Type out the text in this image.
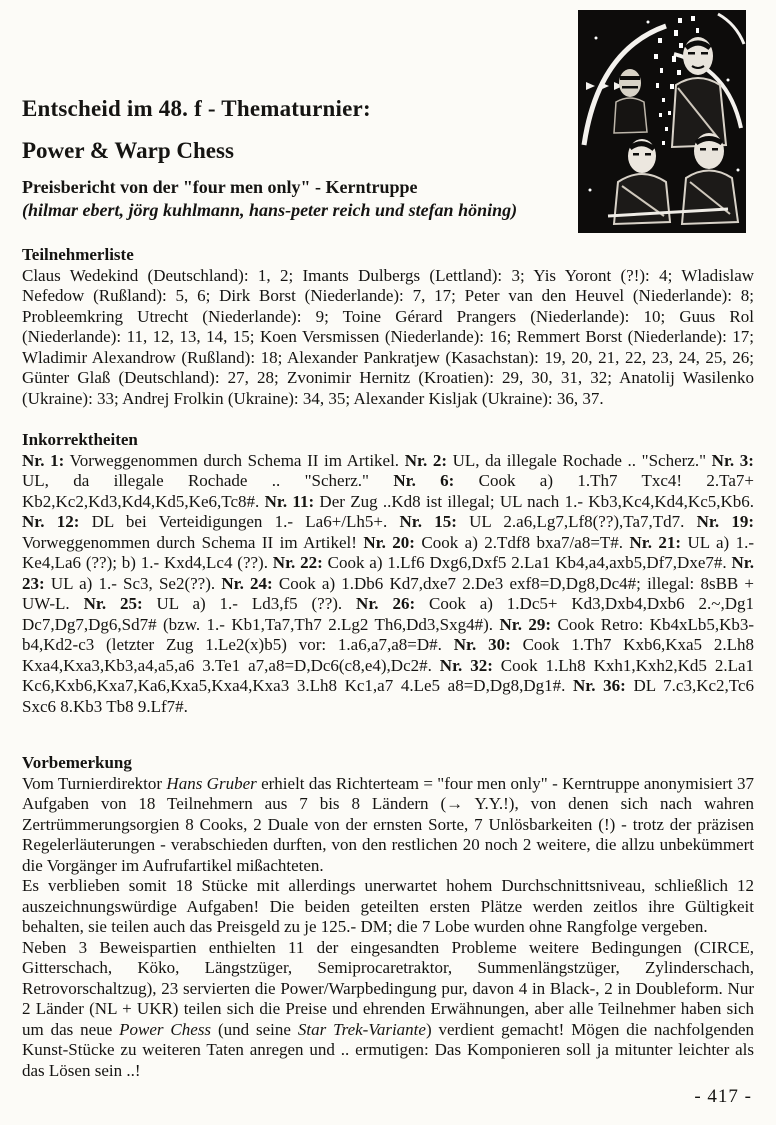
Entscheid im 48. f - Thematurnier:
Power & Warp Chess
Preisbericht von der "four men only" - Kerntruppe

(hilmar ebert, jörg kuhlmann, hans-peter reich und stefan höning)

Teilnehmerliste

Claus Wedekind (Deutschland): 1, 2; Imants Dulbergs (Lettland): 3; Yis Yoront (?!): 4; Wladislaw Nefedow (Rußland): 5, 6; Dirk Borst (Niederlande): 7, 17; Peter van den Heuvel (Niederlande): 8; Probleemkring Utrecht (Niederlande): 9; Toine Gérard Prangers (Niederlande): 10; Guus Rol (Niederlande): 11, 12, 13, 14, 15; Koen Versmissen (Niederlande): 16; Remmert Borst (Niederlande): 17; Wladimir Alexandrow (Rußland): 18; Alexander Pankratjew (Kasachstan): 19, 20, 21, 22, 23, 24, 25, 26; Günter Glaß (Deutschland): 27, 28; Zvonimir Hernitz (Kroatien): 29, 30, 31, 32; Anatolij Wasilenko (Ukraine): 33; Andrej Frolkin (Ukraine): 34, 35; Alexander Kisljak (Ukraine): 36, 37.

Inkorrektheiten

Nr. 1: Vorweggenommen durch Schema II im Artikel. Nr. 2: UL, da illegale Rochade .. "Scherz." Nr. 3: UL, da illegale Rochade .. "Scherz." Nr. 6: Cook a) 1.Th7 Txc4! 2.Ta7+ Kb2,Kc2,Kd3,Kd4,Kd5,Ke6,Tc8#. Nr. 11: Der Zug ..Kd8 ist illegal; UL nach 1.- Kb3,Kc4,Kd4,Kc5,Kb6. Nr. 12: DL bei Verteidigungen 1.- La6+/Lh5+. Nr. 15: UL 2.a6,Lg7,Lf8(??),Ta7,Td7. Nr. 19: Vorweggenommen durch Schema II im Artikel! Nr. 20: Cook a) 2.Tdf8 bxa7/a8=T#. Nr. 21: UL a) 1.- Ke4,La6 (??); b) 1.- Kxd4,Lc4 (??). Nr. 22: Cook a) 1.Lf6 Dxg6,Dxf5 2.La1 Kb4,a4,axb5,Df7,Dxe7#. Nr. 23: UL a) 1.- Sc3, Se2(??). Nr. 24: Cook a) 1.Db6 Kd7,dxe7 2.De3 exf8=D,Dg8,Dc4#; illegal: 8sBB + UW-L. Nr. 25: UL a) 1.- Ld3,f5 (??). Nr. 26: Cook a) 1.Dc5+ Kd3,Dxb4,Dxb6 2.~,Dg1 Dc7,Dg7,Dg6,Sd7# (bzw. 1.- Kb1,Ta7,Th7 2.Lg2 Th6,Dd3,Sxg4#). Nr. 29: Cook Retro: Kb4xLb5,Kb3-b4,Kd2-c3 (letzter Zug 1.Le2(x)b5) vor: 1.a6,a7,a8=D#. Nr. 30: Cook 1.Th7 Kxb6,Kxa5 2.Lh8 Kxa4,Kxa3,Kb3,a4,a5,a6 3.Te1 a7,a8=D,Dc6(c8,e4),Dc2#. Nr. 32: Cook 1.Lh8 Kxh1,Kxh2,Kd5 2.La1 Kc6,Kxb6,Kxa7,Ka6,Kxa5,Kxa4,Kxa3 3.Lh8 Kc1,a7 4.Le5 a8=D,Dg8,Dg1#. Nr. 36: DL 7.c3,Kc2,Tc6 Sxc6 8.Kb3 Tb8 9.Lf7#.

Vorbemerkung

Vom Turnierdirektor Hans Gruber erhielt das Richterteam = "four men only" - Kerntruppe anonymisiert 37 Aufgaben von 18 Teilnehmern aus 7 bis 8 Ländern (→ Y.Y.!), von denen sich nach wahren Zertrümmerungsorgien 8 Cooks, 2 Duale von der ernsten Sorte, 7 Unlösbarkeiten (!) - trotz der präzisen Regelerläuterungen - verabschieden durften, von den restlichen 20 noch 2 weitere, die allzu unbekümmert die Vorgänger im Aufrufartikel mißachteten.

Es verblieben somit 18 Stücke mit allerdings unerwartet hohem Durchschnittsniveau, schließlich 12 auszeichnungswürdige Aufgaben! Die beiden geteilten ersten Plätze werden zeitlos ihre Gültigkeit behalten, sie teilen auch das Preisgeld zu je 125.- DM; die 7 Lobe wurden ohne Rangfolge vergeben.

Neben 3 Beweispartien enthielten 11 der eingesandten Probleme weitere Bedingungen (CIRCE, Gitterschach, Köko, Längstzüger, Semiprocaretraktor, Summenlängstzüger, Zylinderschach, Retrovorschaltzug), 23 servierten die Power/Warpbedingung pur, davon 4 in Black-, 2 in Doubleform. Nur 2 Länder (NL + UKR) teilen sich die Preise und ehrenden Erwähnungen, aber alle Teilnehmer haben sich um das neue Power Chess (und seine Star Trek-Variante) verdient gemacht! Mögen die nachfolgenden Kunst-Stücke zu weiteren Taten anregen und .. ermutigen: Das Komponieren soll ja mitunter leichter als das Lösen sein ..!

- 417 -
